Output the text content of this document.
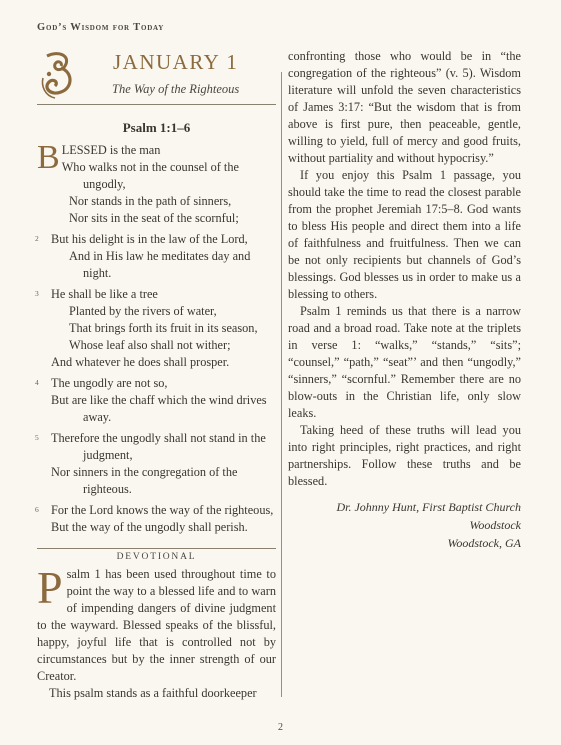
God’s Wisdom for Today
JANUARY 1
The Way of the Righteous
Psalm 1:1–6
B LESSED is the man
Who walks not in the counsel of the
ungodly,
Nor stands in the path of sinners,
Nor sits in the seat of the scornful;
2 But his delight is in the law of the Lord,
And in His law he meditates day and
night.
3 He shall be like a tree
Planted by the rivers of water,
That brings forth its fruit in its season,
Whose leaf also shall not wither;
And whatever he does shall prosper.
4 The ungodly are not so,
But are like the chaff which the wind drives
away.
5 Therefore the ungodly shall not stand in the
judgment,
Nor sinners in the congregation of the
righteous.
6 For the Lord knows the way of the righteous,
But the way of the ungodly shall perish.
DEVOTIONAL

Psalm 1 has been used throughout time to point the way to a blessed life and to warn of impending dangers of divine judgment to the wayward. Blessed speaks of the blissful, happy, joyful life that is controlled not by circumstances but by the inner strength of our Creator.

This psalm stands as a faithful doorkeeper

confronting those who would be in “the congregation of the righteous” (v. 5). Wisdom literature will unfold the seven characteristics of James 3:17: “But the wisdom that is from above is first pure, then peaceable, gentle, willing to yield, full of mercy and good fruits, without partiality and without hypocrisy.”

If you enjoy this Psalm 1 passage, you should take the time to read the closest parable from the prophet Jeremiah 17:5–8. God wants to bless His people and direct them into a life of faithfulness and fruitfulness. Then we can be not only recipients but channels of God’s blessings. God blesses us in order to make us a blessing to others.

Psalm 1 reminds us that there is a narrow road and a broad road. Take note at the triplets in verse 1: “walks,” “stands,” “sits”; “counsel,” “path,” “seat”’ and then “ungodly,” “sinners,” “scornful.” Remember there are no blow-outs in the Christian life, only slow leaks.

Taking heed of these truths will lead you into right principles, right practices, and right partnerships. Follow these truths and be blessed.

Dr. Johnny Hunt, First Baptist Church Woodstock
Woodstock, GA
2
